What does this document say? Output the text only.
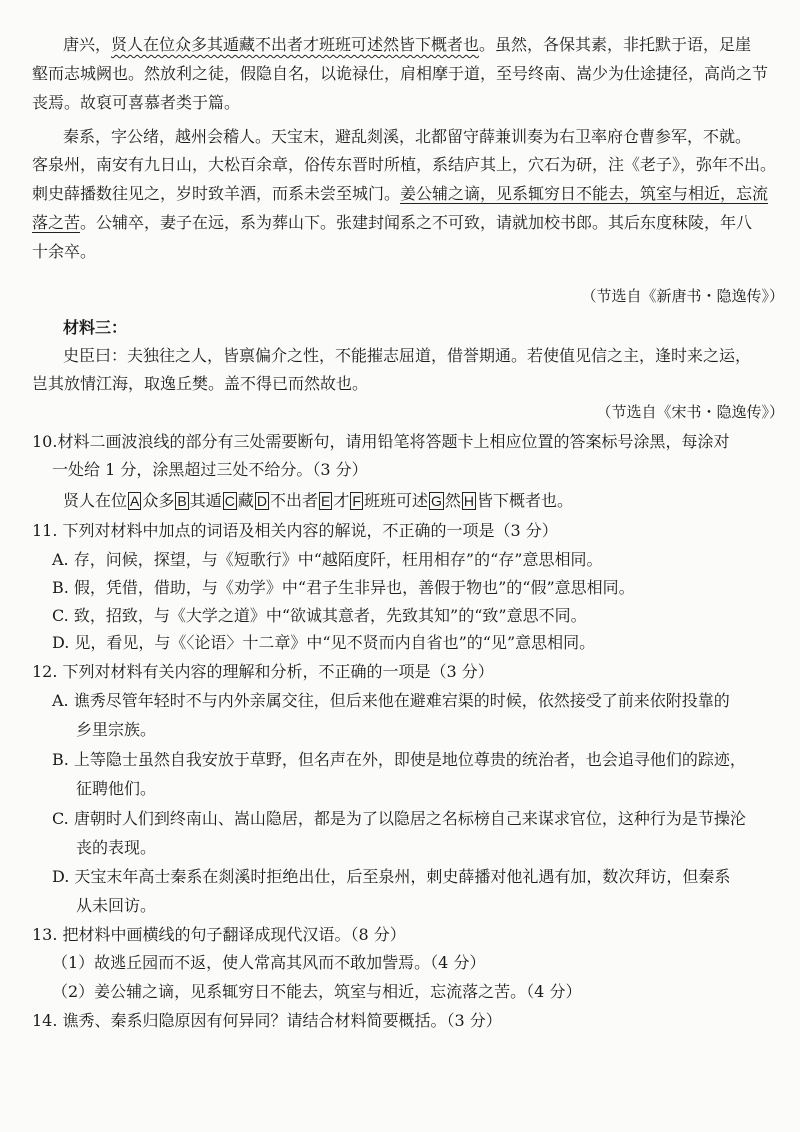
唐兴，贤人在位众多其遁藏不出者才班班可述然皆下概者也。虽然，各保其素，非托默于语，足崖
壑而志城阙也。然放利之徒，假隐自名，以诡禄仕，肩相摩于道，至号终南、嵩少为仕途捷径，高尚之节
丧焉。故裒可喜慕者类于篇。
秦系，字公绪，越州会稽人。天宝末，避乱剡溪，北都留守薛兼训奏为右卫率府仓曹参军，不就。
客泉州，南安有九日山，大松百余章，俗传东晋时所植，系结庐其上，穴石为研，注《老子》，弥年不出。
刺史薛播数往见之，岁时致羊酒，而系未尝至城门。姜公辅之谪，见系辄穷日不能去，筑室与相近，忘流
落之苦。公辅卒，妻子在远，系为葬山下。张建封闻系之不可致，请就加校书郎。其后东度秣陵，年八
十余卒。
（节选自《新唐书・隐逸传》）
材料三：
史臣曰：夫独往之人，皆禀偏介之性，不能摧志屈道，借誉期通。若使值见信之主，逢时来之运，
岂其放情江海，取逸丘樊。盖不得已而然故也。
（节选自《宋书・隐逸传》）
10.材料二画波浪线的部分有三处需要断句，请用铅笔将答题卡上相应位置的答案标号涂黑，每涂对
一处给 1 分，涂黑超过三处不给分。（3 分）
贤人在位 A 众多 B 其遁 C 藏 D 不出者 E 才 F 班班可述 G 然 H 皆下概者也。
11. 下列对材料中加点的词语及相关内容的解说，不正确的一项是（3 分）
A. 存，问候，探望，与《短歌行》中“越陌度阡，枉用相存”的“存”意思相同。
B. 假，凭借，借助，与《劝学》中“君子生非异也，善假于物也”的“假”意思相同。
C. 致，招致，与《大学之道》中“欲诚其意者，先致其知”的“致”意思不同。
D. 见，看见，与《〈论语〉十二章》中“见不贤而内自省也”的“见”意思相同。
12. 下列对材料有关内容的理解和分析，不正确的一项是（3 分）
A. 谯秀尽管年轻时不与内外亲属交往，但后来他在避难宕渠的时候，依然接受了前来依附投靠的
乡里宗族。
B. 上等隐士虽然自我安放于草野，但名声在外，即使是地位尊贵的统治者，也会追寻他们的踪迹，
征聘他们。
C. 唐朝时人们到终南山、嵩山隐居，都是为了以隐居之名标榜自己来谋求官位，这种行为是节操沦
丧的表现。
D. 天宝末年高士秦系在剡溪时拒绝出仕，后至泉州，刺史薛播对他礼遇有加，数次拜访，但秦系
从未回访。
13. 把材料中画横线的句子翻译成现代汉语。（8 分）
（1）故逃丘园而不返，使人常高其风而不敢加訾焉。（4 分）
（2）姜公辅之谪，见系辄穷日不能去，筑室与相近，忘流落之苦。（4 分）
14. 谯秀、秦系归隐原因有何异同？请结合材料简要概括。（3 分）
